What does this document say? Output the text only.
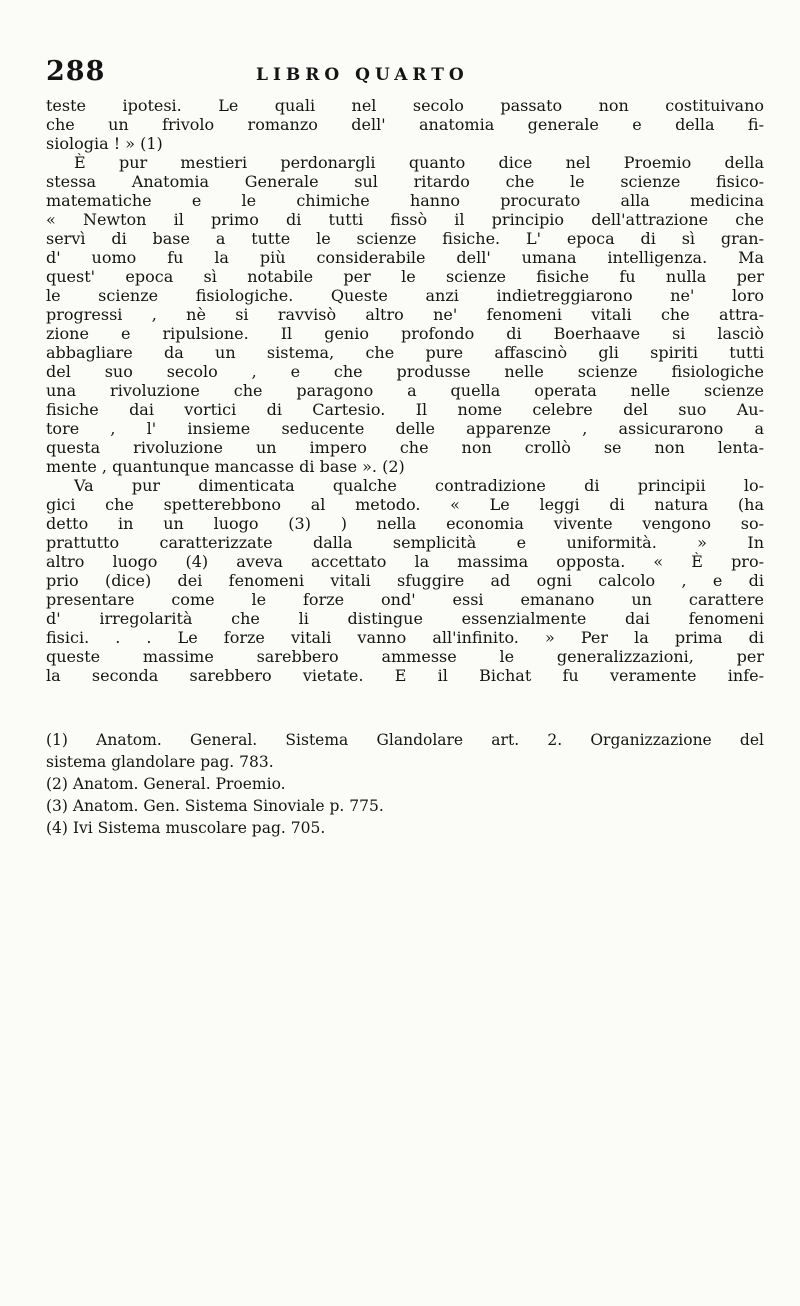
288	LIBRO QUARTO
teste ipotesi. Le quali nel secolo passato non costituivano
che un frivolo romanzo dell' anatomia generale e della fi-
siologia ! » (1)
È pur mestieri perdonargli quanto dice nel Proemio della
stessa Anatomia Generale sul ritardo che le scienze fisico-
matematiche e le chimiche hanno procurato alla medicina
« Newton il primo di tutti fissò il principio dell'attrazione che
servì di base a tutte le scienze fisiche. L' epoca di sì gran-
d' uomo fu la più considerabile dell' umana intelligenza. Ma
quest' epoca sì notabile per le scienze fisiche fu nulla per
le scienze fisiologiche. Queste anzi indietreggiarono ne' loro
progressi , nè si ravvisò altro ne' fenomeni vitali che attra-
zione e ripulsione. Il genio profondo di Boerhaave si lasciò
abbagliare da un sistema, che pure affascinò gli spiriti tutti
del suo secolo , e che produsse nelle scienze fisiologiche
una rivoluzione che paragono a quella operata nelle scienze
fisiche dai vortici di Cartesio. Il nome celebre del suo Au-
tore , l' insieme seducente delle apparenze , assicurarono a
questa rivoluzione un impero che non crollò se non lenta-
mente , quantunque mancasse di base ». (2)
Va pur dimenticata qualche contradizione di principii lo-
gici che spetterebbono al metodo. « Le leggi di natura (ha
detto in un luogo (3) ) nella economia vivente vengono so-
prattutto caratterizzate dalla semplicità e uniformità. » In
altro luogo (4) aveva accettato la massima opposta. « È pro-
prio (dice) dei fenomeni vitali sfuggire ad ogni calcolo , e di
presentare come le forze ond' essi emanano un carattere
d' irregolarità che li distingue essenzialmente dai fenomeni
fisici. . . Le forze vitali vanno all'infinito. » Per la prima di
queste massime sarebbero ammesse le generalizzazioni, per
la seconda sarebbero vietate. E il Bichat fu veramente infe-
(1) Anatom. General. Sistema Glandolare art. 2. Organizzazione del
sistema glandolare pag. 783.
(2) Anatom. General. Proemio.
(3) Anatom. Gen. Sistema Sinoviale p. 775.
(4) Ivi Sistema muscolare pag. 705.
